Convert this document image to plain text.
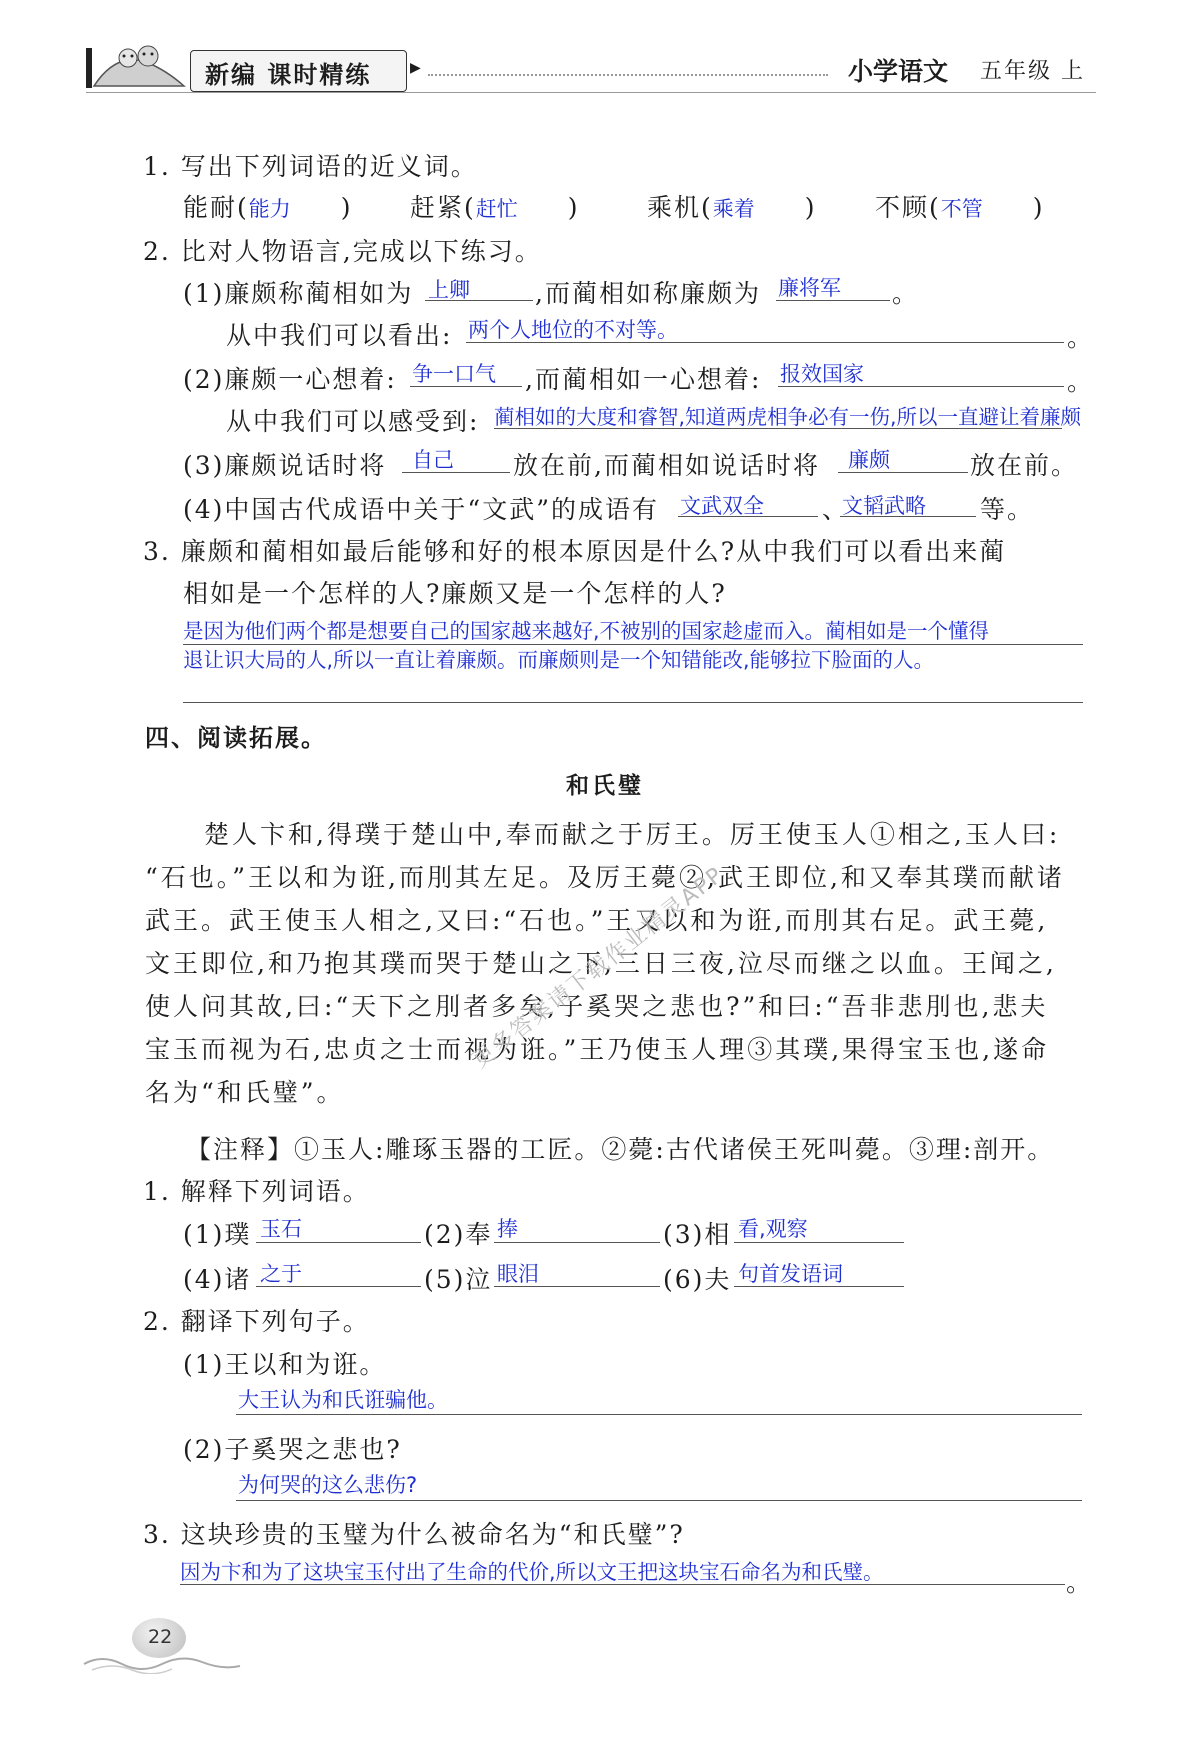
新编 课时精练	▶	小学语文 五年级 上
1. 写出下列词语的近义词。
能耐(能力 ) 赶紧(赶忙 )	乘机(乘着 ) 不顾(不管 )
2. 比对人物语言,完成以下练习。
(1)廉颇称蔺相如为 上卿	,而蔺相如称廉颇为 廉将军 。
从中我们可以看出: 两个人地位的不对等。	。
(2)廉颇一心想着: 争一口气 ,而蔺相如一心想着: 报效国家	。
从中我们可以感受到: 蔺相如的大度和睿智,知道两虎相争必有一伤,所以一直避让着廉颇
(3)廉颇说话时将 自己 放在前,而蔺相如说话时将 廉颇	放在前。
(4)中国古代成语中关于“文武”的成语有 文武双全 、
文韬武略 等。
3. 廉颇和蔺相如最后能够和好的根本原因是什么?从中我们可以看出来蔺
相如是一个怎样的人?廉颇又是一个怎样的人?
是因为他们两个都是想要自己的国家越来越好,不被别的国家趁虚而入。蔺相如是一个懂得
退让识大局的人,所以一直让着廉颇。而廉颇则是一个知错能改,能够拉下脸面的人。
四、阅读拓展。
和氏璧
楚人卞和,得璞于楚山中,奉而献之于厉王。厉王使玉人①相之,玉人曰:
“石也。”王以和为诳,而刖其左足。及厉王薨②,武王即位,和又奉其璞而献诸
武王。武王使玉人相之,又曰:“石也。”王又以和为诳,而刖其右足。武王薨,
文王即位,和乃抱其璞而哭于楚山之下,三日三夜,泣尽而继之以血。王闻之,
使人问其故,曰:“天下之刖者多矣,子奚哭之悲也?”和曰:“吾非悲刖也,悲夫
宝玉而视为石,忠贞之士而视为诳。”王乃使玉人理③其璞,果得宝玉也,遂命
名为“和氏璧”。
更多答案请下载作业精灵APP
【注释】①玉人:雕琢玉器的工匠。②薨:古代诸侯王死叫薨。③理:剖开。
1. 解释下列词语。
(1)璞 玉石	(2)奉 捧	(3)相 看,观察
(4)诸 之于	(5)泣 眼泪	(6)夫 句首发语词
2. 翻译下列句子。
(1)王以和为诳。
大王认为和氏诳骗他。
(2)子奚哭之悲也?
为何哭的这么悲伤?
3. 这块珍贵的玉璧为什么被命名为“和氏璧”?
因为卞和为了这块宝玉付出了生命的代价,所以文王把这块宝石命名为和氏璧。	。
22
